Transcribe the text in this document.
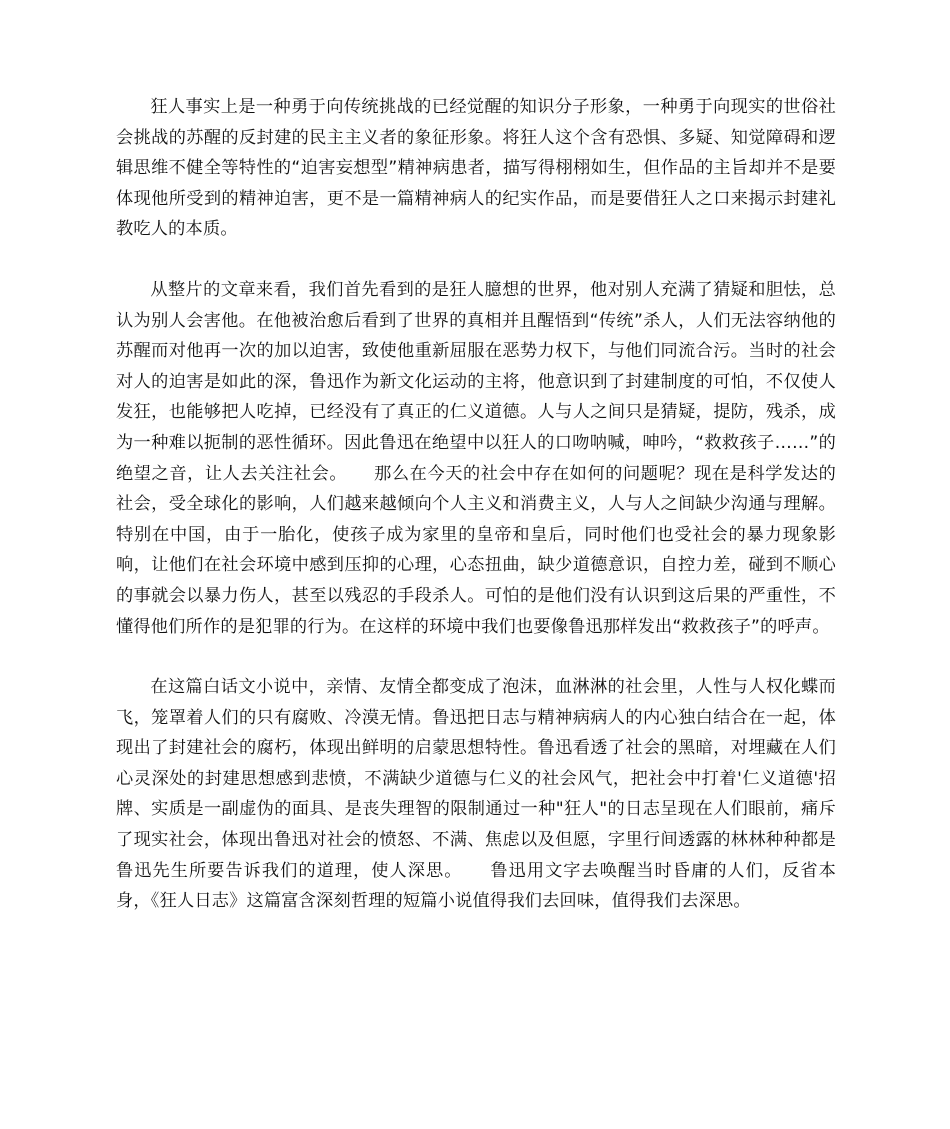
狂人事实上是一种勇于向传统挑战的已经觉醒的知识分子形象，一种勇于向现实的世俗社会挑战的苏醒的反封建的民主主义者的象征形象。将狂人这个含有恐惧、多疑、知觉障碍和逻辑思维不健全等特性的“迫害妄想型”精神病患者，描写得栩栩如生，但作品的主旨却并不是要体现他所受到的精神迫害，更不是一篇精神病人的纪实作品，而是要借狂人之口来揭示封建礼教吃人的本质。

从整片的文章来看，我们首先看到的是狂人臆想的世界，他对别人充满了猜疑和胆怯，总认为别人会害他。在他被治愈后看到了世界的真相并且醒悟到“传统”杀人，人们无法容纳他的苏醒而对他再一次的加以迫害，致使他重新屈服在恶势力权下，与他们同流合污。当时的社会对人的迫害是如此的深，鲁迅作为新文化运动的主将，他意识到了封建制度的可怕，不仅使人发狂，也能够把人吃掉，已经没有了真正的仁义道德。人与人之间只是猜疑，提防，残杀，成为一种难以扼制的恶性循环。因此鲁迅在绝望中以狂人的口吻呐喊，呻吟，“救救孩子……”的绝望之音，让人去关注社会。　　那么在今天的社会中存在如何的问题呢？现在是科学发达的社会，受全球化的影响，人们越来越倾向个人主义和消费主义，人与人之间缺少沟通与理解。特别在中国，由于一胎化，使孩子成为家里的皇帝和皇后，同时他们也受社会的暴力现象影响，让他们在社会环境中感到压抑的心理，心态扭曲，缺少道德意识，自控力差，碰到不顺心的事就会以暴力伤人，甚至以残忍的手段杀人。可怕的是他们没有认识到这后果的严重性，不懂得他们所作的是犯罪的行为。在这样的环境中我们也要像鲁迅那样发出“救救孩子”的呼声。

在这篇白话文小说中，亲情、友情全都变成了泡沫，血淋淋的社会里，人性与人权化蝶而飞，笼罩着人们的只有腐败、冷漠无情。鲁迅把日志与精神病病人的内心独白结合在一起，体现出了封建社会的腐朽，体现出鲜明的启蒙思想特性。鲁迅看透了社会的黑暗，对埋藏在人们心灵深处的封建思想感到悲愤，不满缺少道德与仁义的社会风气，把社会中打着'仁义道德'招牌、实质是一副虚伪的面具、是丧失理智的限制通过一种"狂人"的日志呈现在人们眼前，痛斥了现实社会，体现出鲁迅对社会的愤怒、不满、焦虑以及但愿，字里行间透露的林林种种都是鲁迅先生所要告诉我们的道理，使人深思。　　鲁迅用文字去唤醒当时昏庸的人们，反省本身，《狂人日志》这篇富含深刻哲理的短篇小说值得我们去回味，值得我们去深思。
